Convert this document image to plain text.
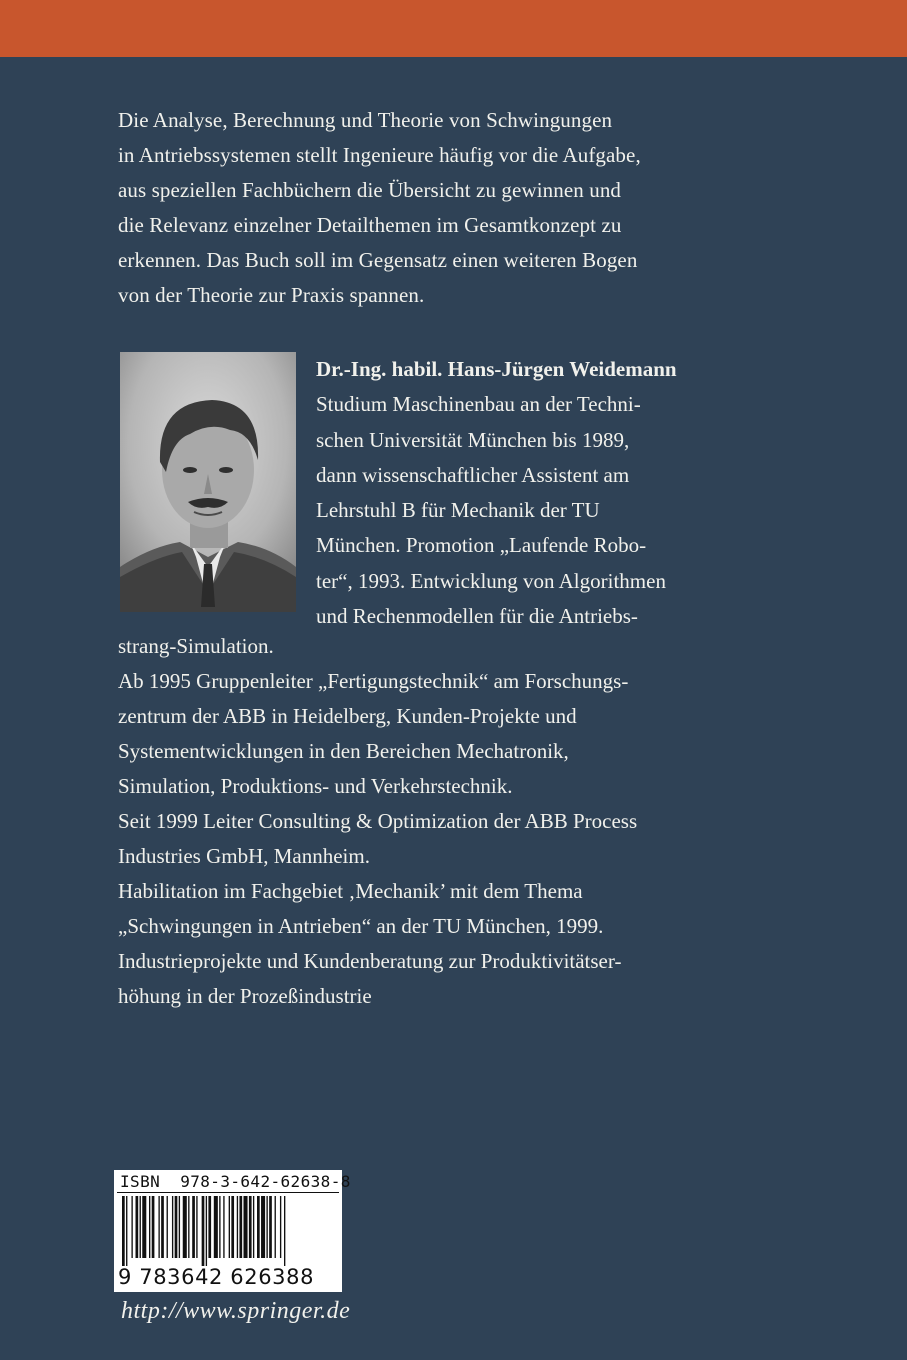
Die Analyse, Berechnung und Theorie von Schwingungen
in Antriebssystemen stellt Ingenieure häufig vor die Aufgabe,
aus speziellen Fachbüchern die Übersicht zu gewinnen und
die Relevanz einzelner Detailthemen im Gesamtkonzept zu
erkennen. Das Buch soll im Gegensatz einen weiteren Bogen
von der Theorie zur Praxis spannen.
Dr.-Ing. habil. Hans-Jürgen Weidemann
Studium Maschinenbau an der Techni-
schen Universität München bis 1989,
dann wissenschaftlicher Assistent am
Lehrstuhl B für Mechanik der TU
München. Promotion „Laufende Robo-
ter“, 1993. Entwicklung von Algorithmen
und Rechenmodellen für die Antriebs-
strang-Simulation.
Ab 1995 Gruppenleiter „Fertigungstechnik“ am Forschungs-
zentrum der ABB in Heidelberg, Kunden-Projekte und
Systementwicklungen in den Bereichen Mechatronik,
Simulation, Produktions- und Verkehrstechnik.
Seit 1999 Leiter Consulting & Optimization der ABB Process
Industries GmbH, Mannheim.
Habilitation im Fachgebiet ‚Mechanik’ mit dem Thema
„Schwingungen in Antrieben“ an der TU München, 1999.
Industrieprojekte und Kundenberatung zur Produktivitätser-
höhung in der Prozeßindustrie
ISBN  978-3-642-62638-8
9 783642 626388
http://www.springer.de
